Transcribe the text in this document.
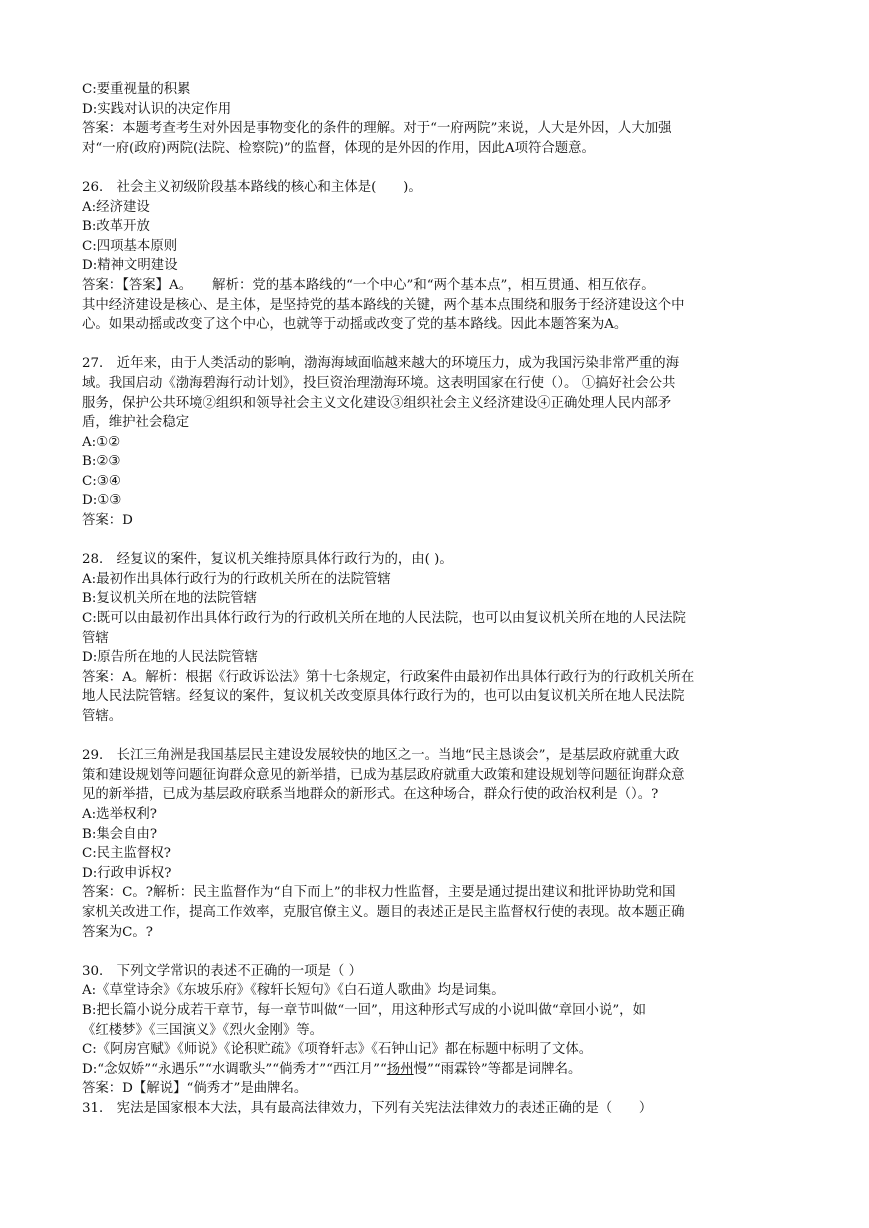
C:要重视量的积累
D:实践对认识的决定作用
答案：本题考查考生对外因是事物变化的条件的理解。对于“一府两院”来说，人大是外因，人大加强
对“一府(政府)两院(法院、检察院)”的监督，体现的是外因的作用，因此A项符合题意。
26． 社会主义初级阶段基本路线的核心和主体是(　　)。
A:经济建设
B:改革开放
C:四项基本原则
D:精神文明建设
答案：【答案】A。　　解析：党的基本路线的“一个中心”和“两个基本点”，相互贯通、相互依存。
其中经济建设是核心、是主体，是坚持党的基本路线的关键，两个基本点围绕和服务于经济建设这个中
心。如果动摇或改变了这个中心，也就等于动摇或改变了党的基本路线。因此本题答案为A。
27． 近年来，由于人类活动的影响，渤海海域面临越来越大的环境压力，成为我国污染非常严重的海
域。我国启动《渤海碧海行动计划》，投巨资治理渤海环境。这表明国家在行使（）。 ①搞好社会公共
服务，保护公共环境②组织和领导社会主义文化建设③组织社会主义经济建设④正确处理人民内部矛
盾，维护社会稳定
A:①②
B:②③
C:③④
D:①③
答案：D
28． 经复议的案件，复议机关维持原具体行政行为的，由( )。
A:最初作出具体行政行为的行政机关所在的法院管辖
B:复议机关所在地的法院管辖
C:既可以由最初作出具体行政行为的行政机关所在地的人民法院，也可以由复议机关所在地的人民法院
管辖
D:原告所在地的人民法院管辖
答案：A。解析：根据《行政诉讼法》第十七条规定，行政案件由最初作出具体行政行为的行政机关所在
地人民法院管辖。经复议的案件，复议机关改变原具体行政行为的，也可以由复议机关所在地人民法院
管辖。
29． 长江三角洲是我国基层民主建设发展较快的地区之一。当地“民主恳谈会”，是基层政府就重大政
策和建设规划等问题征询群众意见的新举措，已成为基层政府就重大政策和建设规划等问题征询群众意
见的新举措，已成为基层政府联系当地群众的新形式。在这种场合，群众行使的政治权利是（）。?
A:选举权利?
B:集会自由?
C:民主监督权?
D:行政申诉权?
答案：C。?解析：民主监督作为“自下而上”的非权力性监督，主要是通过提出建议和批评协助党和国
家机关改进工作，提高工作效率，克服官僚主义。题目的表述正是民主监督权行使的表现。故本题正确
答案为C。?
30． 下列文学常识的表述不正确的一项是（ ）
A:《草堂诗余》《东坡乐府》《稼轩长短句》《白石道人歌曲》均是词集。
B:把长篇小说分成若干章节，每一章节叫做“一回”，用这种形式写成的小说叫做“章回小说”，如
《红楼梦》《三国演义》《烈火金刚》等。
C:《阿房宫赋》《师说》《论积贮疏》《项脊轩志》《石钟山记》都在标题中标明了文体。
D:“念奴娇”“永遇乐”“水调歌头”“倘秀才”“西江月”“扬州慢”“雨霖铃”等都是词牌名。
答案：D【解说】“倘秀才”是曲牌名。
31． 宪法是国家根本大法，具有最高法律效力，下列有关宪法法律效力的表述正确的是（　　）
